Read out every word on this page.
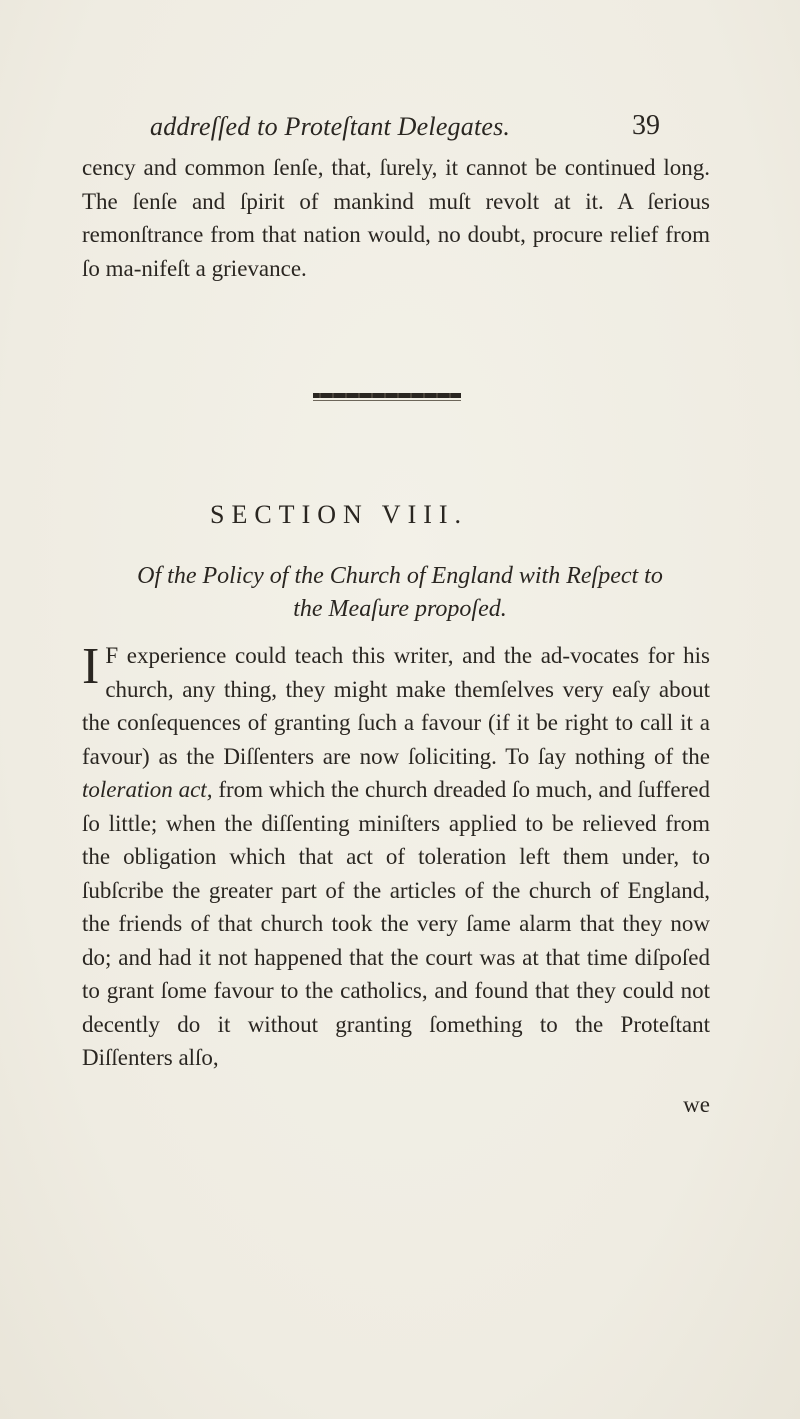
addreſſed to Proteſtant Delegates.	39

cency and common ſenſe, that, ſurely, it cannot be continued long. The ſenſe and ſpirit of mankind muſt revolt at it. A ſerious remonſtrance from that nation would, no doubt, procure relief from ſo ma-nifeſt a grievance.

SECTION VIII.
Of the Policy of the Church of England with Reſpect to
the Meaſure propoſed.

I F experience could teach this writer, and the ad-vocates for his church, any thing, they might make themſelves very eaſy about the conſequences of granting ſuch a favour (if it be right to call it a favour) as the Diſſenters are now ſoliciting. To ſay nothing of the toleration act, from which the church dreaded ſo much, and ſuffered ſo little; when the diſſenting miniſters applied to be relieved from the obligation which that act of toleration left them under, to ſubſcribe the greater part of the articles of the church of England, the friends of that church took the very ſame alarm that they now do; and had it not happened that the court was at that time diſpoſed to grant ſome favour to the catholics, and found that they could not decently do it without granting ſomething to the Proteſtant Diſſenters alſo,

we
